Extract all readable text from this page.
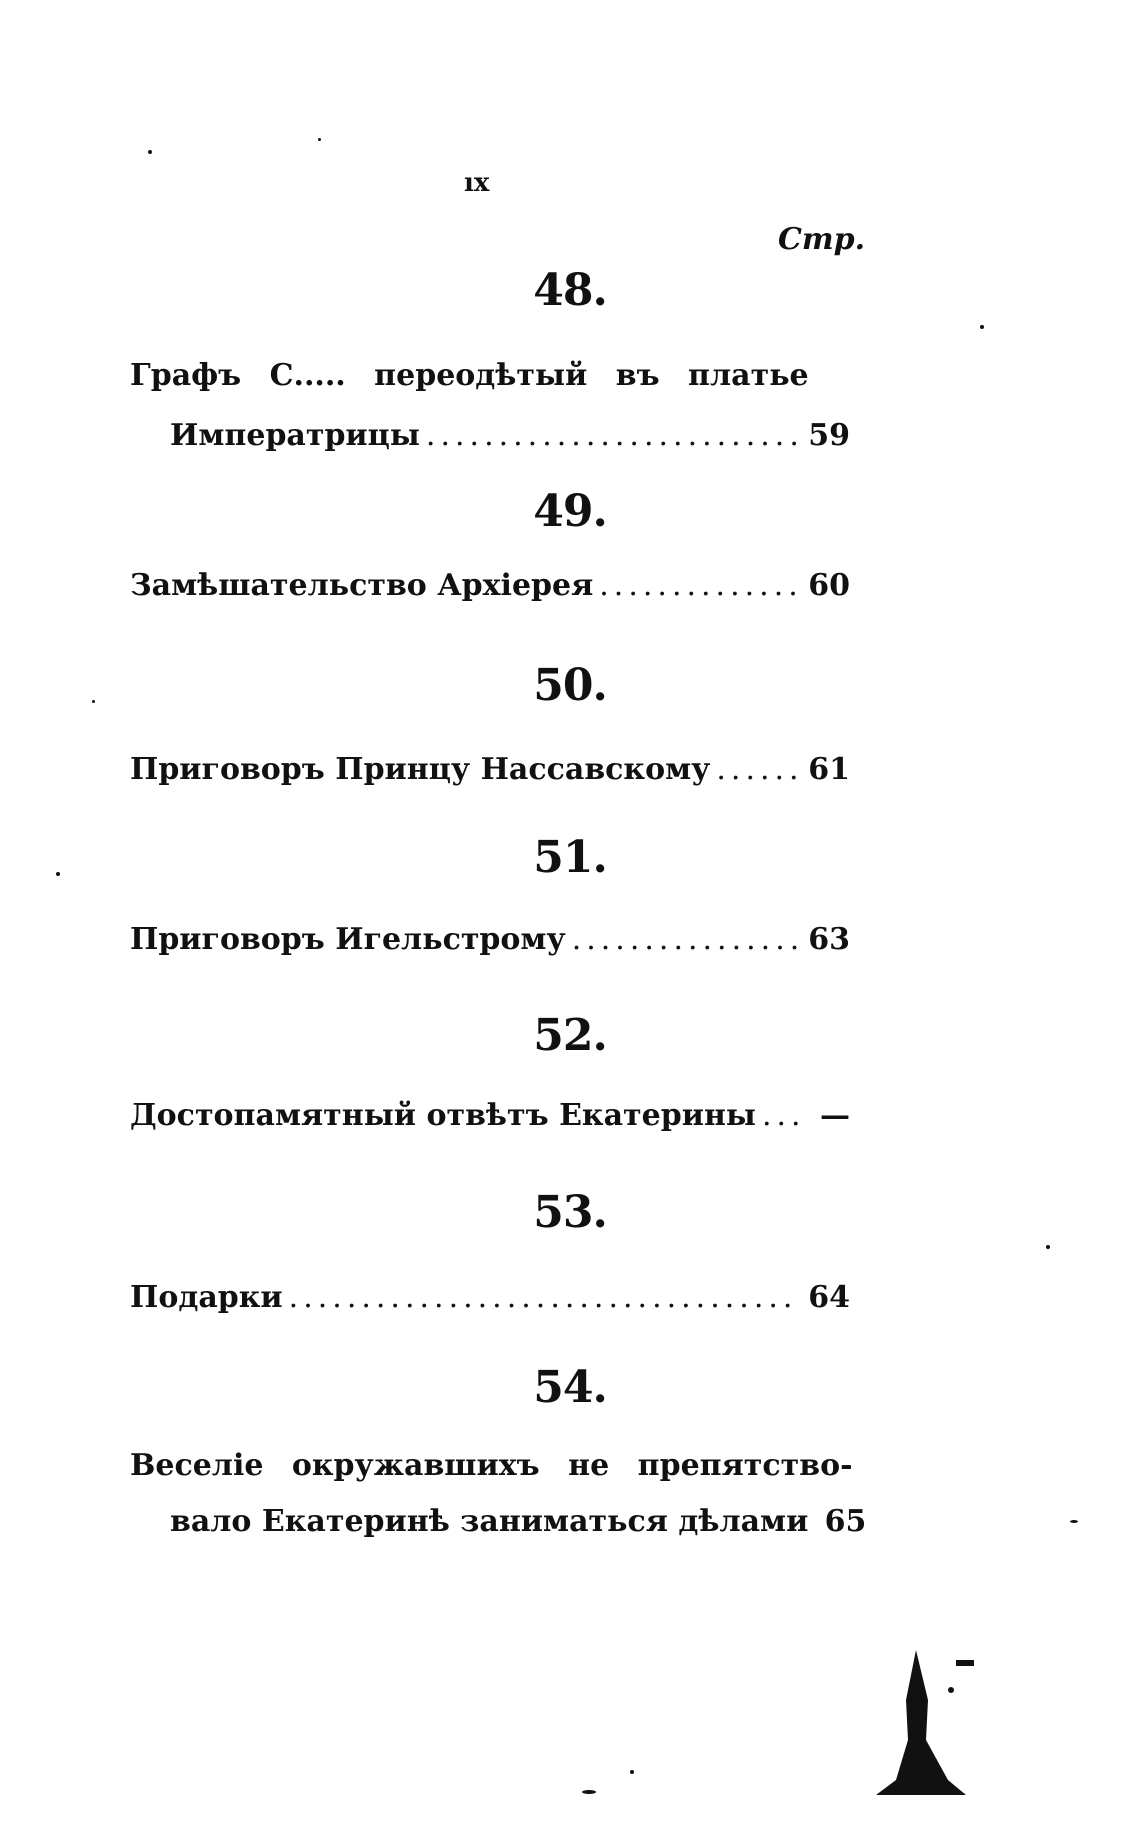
ıx
Стр.
48.
Графъ С..... переодѣтый въ платье
Императрицы .....	59
49.
Замѣшательство Архіерея .....	60
50.
Приговоръ Принцу Нассавскому .....	61
51.
Приговоръ Игельстрому .....	63
52.
Достопамятный отвѣтъ Екатерины .....	—
53.
Подарки .....	64
54.
Веселіе окружавшихъ не препятство-
вало Екатеринѣ заниматься дѣлами 65
